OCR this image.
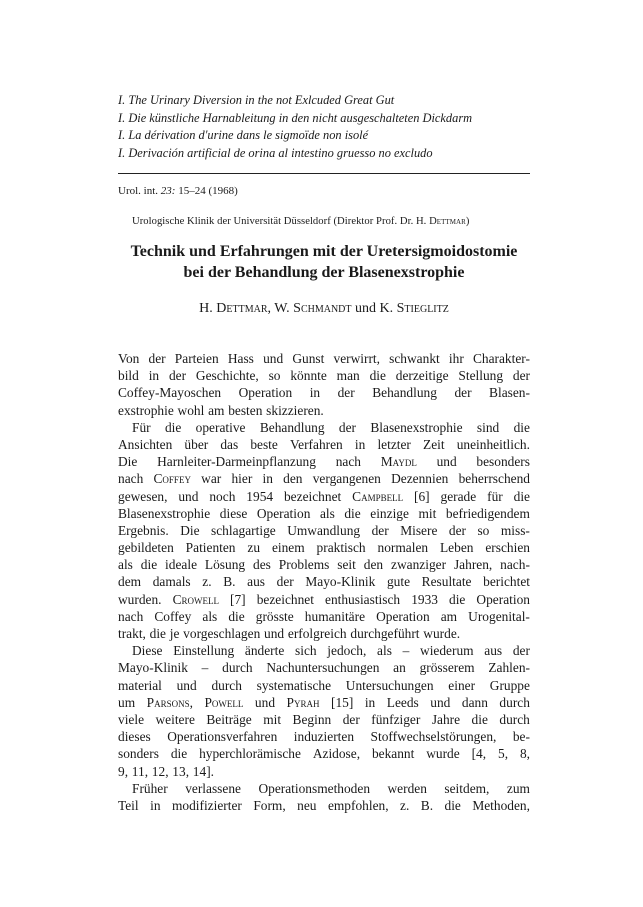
I. The Urinary Diversion in the not Exlcuded Great Gut
I. Die künstliche Harnableitung in den nicht ausgeschalteten Dickdarm
I. La dérivation d'urine dans le sigmoïde non isolé
I. Derivación artificial de orina al intestino gruesso no excludo
Urol. int. 23: 15–24 (1968)
Urologische Klinik der Universität Düsseldorf (Direktor Prof. Dr. H. Dettmar)
Technik und Erfahrungen mit der Uretersigmoidostomie
bei der Behandlung der Blasenexstrophie
H. Dettmar, W. Schmandt und K. Stieglitz
Von der Parteien Hass und Gunst verwirrt, schwankt ihr Charakter-
bild in der Geschichte, so könnte man die derzeitige Stellung der
Coffey-Mayoschen Operation in der Behandlung der Blasen-
exstrophie wohl am besten skizzieren.
Für die operative Behandlung der Blasenexstrophie sind die
Ansichten über das beste Verfahren in letzter Zeit uneinheitlich.
Die Harnleiter-Darmeinpflanzung nach Maydl und besonders
nach Coffey war hier in den vergangenen Dezennien beherrschend
gewesen, und noch 1954 bezeichnet Campbell [6] gerade für die
Blasenexstrophie diese Operation als die einzige mit befriedigendem
Ergebnis. Die schlagartige Umwandlung der Misere der so miss-
gebildeten Patienten zu einem praktisch normalen Leben erschien
als die ideale Lösung des Problems seit den zwanziger Jahren, nach-
dem damals z. B. aus der Mayo-Klinik gute Resultate berichtet
wurden. Crowell [7] bezeichnet enthusiastisch 1933 die Operation
nach Coffey als die grösste humanitäre Operation am Urogenital-
trakt, die je vorgeschlagen und erfolgreich durchgeführt wurde.
Diese Einstellung änderte sich jedoch, als – wiederum aus der
Mayo-Klinik – durch Nachuntersuchungen an grösserem Zahlen-
material und durch systematische Untersuchungen einer Gruppe
um Parsons, Powell und Pyrah [15] in Leeds und dann durch
viele weitere Beiträge mit Beginn der fünfziger Jahre die durch
dieses Operationsverfahren induzierten Stoffwechselstörungen, be-
sonders die hyperchlorämische Azidose, bekannt wurde [4, 5, 8,
9, 11, 12, 13, 14].
Früher verlassene Operationsmethoden werden seitdem, zum
Teil in modifizierter Form, neu empfohlen, z. B. die Methoden,
